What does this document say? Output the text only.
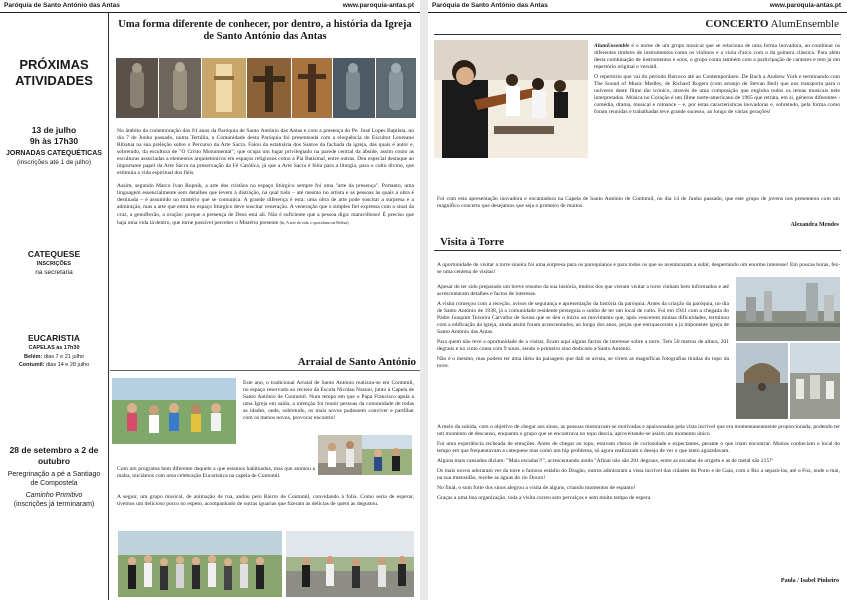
Paróquia de Santo António das Antas	www.paroquia-antas.pt
PRÓXIMAS ATIVIDADES
13 de julho
9h às 17h30
JORNADAS CATEQUÉTICAS
(inscrições até 1 de julho)
CATEQUESE
INSCRIÇÕES
na secretaria
EUCARISTIA
CAPELAS às 17h30
Belém: dias 7 e 21 julho
Contumil: dias 14 e 28 julho
28 de setembro a 2 de outubro
Peregrinação a pé a Santiago de Compostela
Caminho Primitivo
(inscrições já terminaram)
Uma forma diferente de conhecer, por dentro, a história da Igreja de Santo António das Antas

No âmbito da comemoração dos 81 anos da Paróquia de Santo António das Antas e com a presença do Pe. José Lopes Baptista, no dia 7 de Junho passado, numa Tertúlia, a Comunidade desta Paróquia foi presenteada com a eloquência do Escultor Leureano Ribatua na sua preleção sobre o Percurso da Arte Sacra. Falou da estatuária dos Santos da fachada da igreja, das quais é autor e, sobretudo, da escultura de "O Cristo Monumental", que ocupa um lugar privilegiado na parede central da abside, assim como as esculturas associadas a elementos arquitetónicos em espaços religiosos como a Pia Batismal, entre outras. Deu especial destaque ao importante papel da Arte Sacra na preservação da Fé Católica, já que a Arte Sacra é feita para a liturgia, para o culto divino, que estimula a vida espiritual dos fiéis.

Assim, segundo Marco Ivan Rupnik, a arte dos cristãos no espaço litúrgico sempre foi uma "arte da presença". Portanto, uma linguagem essencialmente sem detalhes que levem à distração, na qual tudo – até mesmo no artista e as pessoas às quais a obra é destinada – é assumido no mistério que se comunica. A grande diferença é esta: uma obra de arte pode suscitar a surpresa e a admiração, mas a arte que entra no espaço litúrgico deve suscitar veneração. A veneração que o simples fiel expressa com o sinal da cruz, a genuflexão, a oração: porque a presença de Deus está ali. Não é suficiente que a pessoa diga: maravilhoso! É preciso que haja uma vida lá dentro, que torne possível perceber o Mistério presente (In, A arte da vida, o quotidiano na Beleza).

Arraial de Santo António

Este ano, o tradicional Arraial de Santo António realizou-se em Contumil, no espaço reservado ao recreio da Escola Nicolau Nasoni, junto à Capela de Santo António de Contumil. Num tempo em que o Papa Francisco apela a uma Igreja em saída, a intenção foi reunir pessoas da comunidade de todas as idades, onde, sobretudo, os mais novos pudessem conviver e partilhar com os menos novos, provocar encontro!

Com um programa bem diferente daquele a que estamos habituados, mas que animou a malta, iniciámos com uma celebração Eucarística na capela de Contumil.

A seguir, um grupo musical, de animação de rua, andou pelo Bairro de Contumil, convidando à folia. Como seria de esperar, tivemos um delicioso porco no espeto, acompanhado de outras iguarias que fizeram as delícias de quem as degustou.

Paróquia de Santo António das Antas	www.paroquia-antas.pt
CONCERTO AlumEnsemble

AlumEnsemble é o nome de um grupo musical que se relaciona de uma forma inovadora, ao combinar os diferentes timbres de instrumentos como os violinos e a viola d'arco com o da guitarra clássica. Para além desta combinação de instrumentos e sons, o grupo conta também com a participação de cantores e tem já um repertório original e versátil.

O repertório que vai do período Barroco até ao Contemporâneo. De Bach a Andrew York e terminando com The Sound of Music Medley, de Richard Rogers (com arranjo de Stevan Beil) que nos transporta para o universo deste filme tão icónico, através de uma composição que engloba todos os temas musicais nele interpretados. Música no Coração é um filme norte-americano de 1965 que retrata, em si, géneros diferentes - comédia, drama, musical e romance – e, por estas características inovadoras e, sobretudo, pela forma como foram reunidas e trabalhadas teve grande sucesso, ao longo de várias gerações!

Foi com esta apresentação inovadora e encantadora na Capela de Santo António de Contumil, no dia 14 de Junho passado, que este grupo de jovens nos presenteou com um magnífico concerto que desejamos que seja o primeiro de muitos.

Alexandra Mendes
Visita à Torre

A oportunidade de visitar a torre sineira foi uma surpresa para os paroquianos e para todos os que se aventuraram a subir, despertando um enorme interesse! Em poucas horas, fez-se uma centena de visitas!

Apesar de ter sido preparado um breve resumo da sua história, muitos dos que vieram visitar a torre vinham bem informados e até acrescentaram detalhes e factos de interesse.

A visita começou com a receção, avisos de segurança e apresentação da história da paróquia. Antes da criação da paróquia, no dia de Santo António de 1938, já a comunidade residente perseguia o sonho de ter um local de culto. Foi em 1941 com a chegada do Padre Joaquim Teixeira Carvalho de Sousa que se deu o início ao movimento que, após vencerem muitas dificuldades, terminou com a edificação da igreja, ainda assim foram acrescentados, ao longo dos anos, peças que enriqueceram a já imponente igreja de Santo António das Antas.

Para quem não teve a oportunidade de a visitar, ficam aqui alguns factos de interesse sobre a torre. Tem 50 metros de altura, 201 degraus e no cimo conta com 9 sinos, sendo o primeiro sino dedicado a Santo António.

Não é o mesmo, mas podem ter uma ideia da paisagem que dali se avista, se virem as magníficas fotografias tiradas do topo da torre.

A meio da subida, com o objetivo de chegar aos sinos, as pessoas mostravam-se motivadas e apaixonadas pela vista incrível que era momentaneamente proporcionada, podendo ter um momento de descanso, enquanto o grupo que se encontrava no topo descia, aproveitando-se assim um momento único

Foi uma experiência recheada de emoções. Antes de chegar ao topo, estavam cheios de curiosidade e expectantes, perante o que iriam encontrar. Muitos conheciam o local do tempo em que frequentavam a catequese mas como um hip problema, só agora realizaram o desejo de ver o que tanto aguardavam.

Alguns mais cansados diziam: "Mais escadas?!", acrescentando ainda "Afinal não são 201 degraus, entre as escadas de origem e as de metal são 215!"

Os mais novos adoraram ver da torre o famoso estádio do Dragão, outros admiraram a vista incrível das cidades do Porto e de Gaia, com o Rio a separá-las, até o Foz, onde o mar, na sua imensidão, recebe as águas do rio Douro!

No final, o som forte dos sinos alegrou a visita de alguns, criando momentos de espanto!

Graças a uma boa organização, toda a visita correu sem percalços e sem muito tempo de espera.

Paula / Isabel Pinheiro
